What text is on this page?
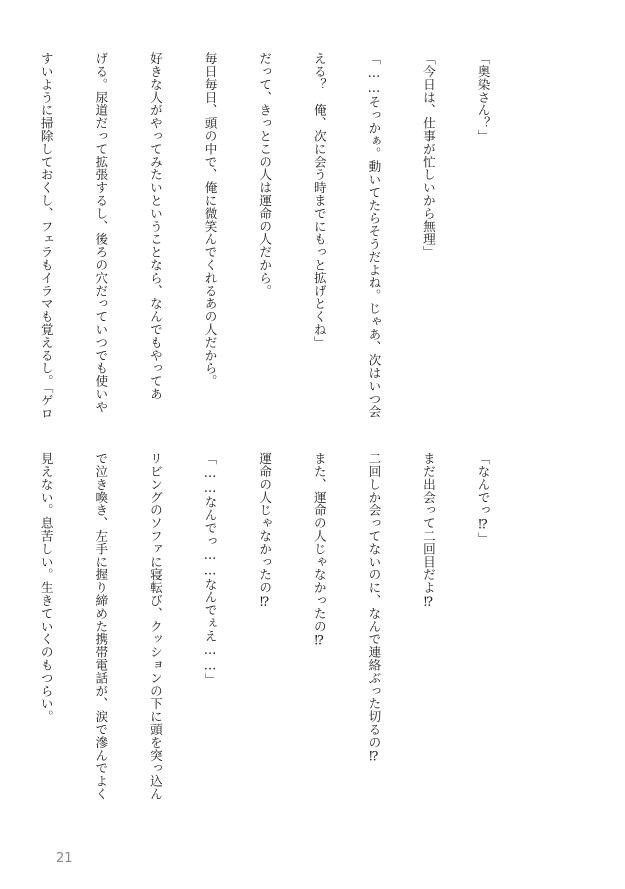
「奥染さん？」

「今日は、仕事が忙しいから無理」

「……そっかぁ。動いてたらそうだよね。じゃあ、次はいつ会

える？　俺、次に会う時までにもっと拡げとくね」

だって、きっとこの人は運命の人だから。

毎日毎日、頭の中で、俺に微笑んでくれるあの人だから。

好きな人がやってみたいということなら、なんでもやってあ

げる。尿道だって拡張するし、後ろの穴だっていつでも使いや

すいように掃除しておくし、フェラもイラマも覚えるし。「ゲロ

「なんでっ⁉」

まだ出会って二回目だよ⁉

二回しか会ってないのに、なんで連絡ぶった切るの⁉

また、運命の人じゃなかったの⁉

運命の人じゃなかったの⁉

「……なんでっ……なんでぇえ……」

リビングのソファに寝転び、クッションの下に頭を突っ込ん

で泣き喚き、左手に握り締めた携帯電話が、涙で滲んでよく

見えない。息苦しい。生きていくのもつらい。

21
